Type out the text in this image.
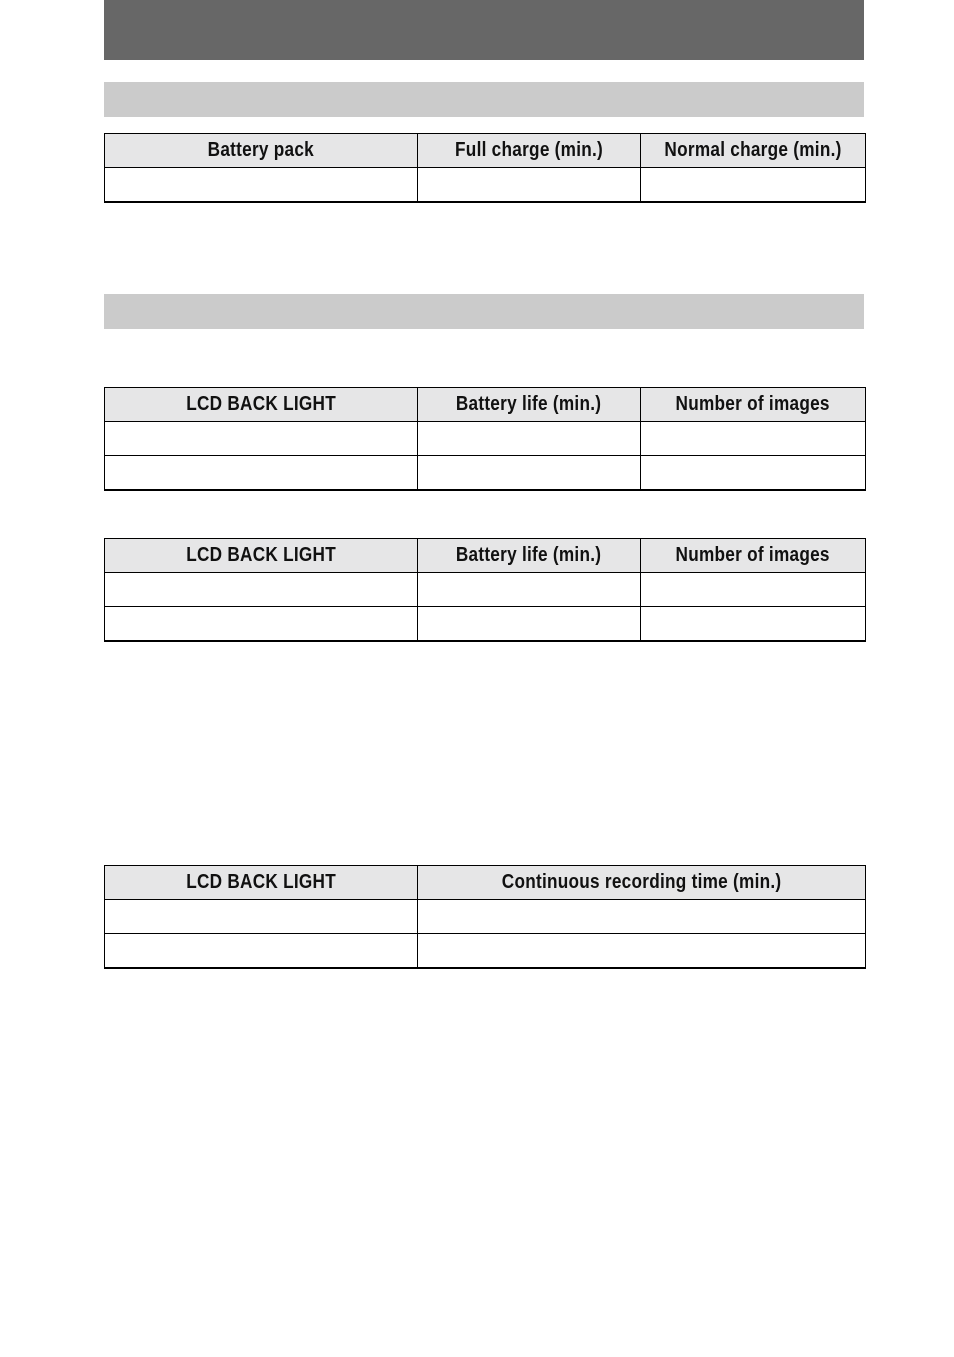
Battery pack	Full charge (min.)	Normal charge (min.)

LCD BACK LIGHT	Battery life (min.)	Number of images

LCD BACK LIGHT	Battery life (min.)	Number of images

LCD BACK LIGHT	Continuous recording time (min.)
